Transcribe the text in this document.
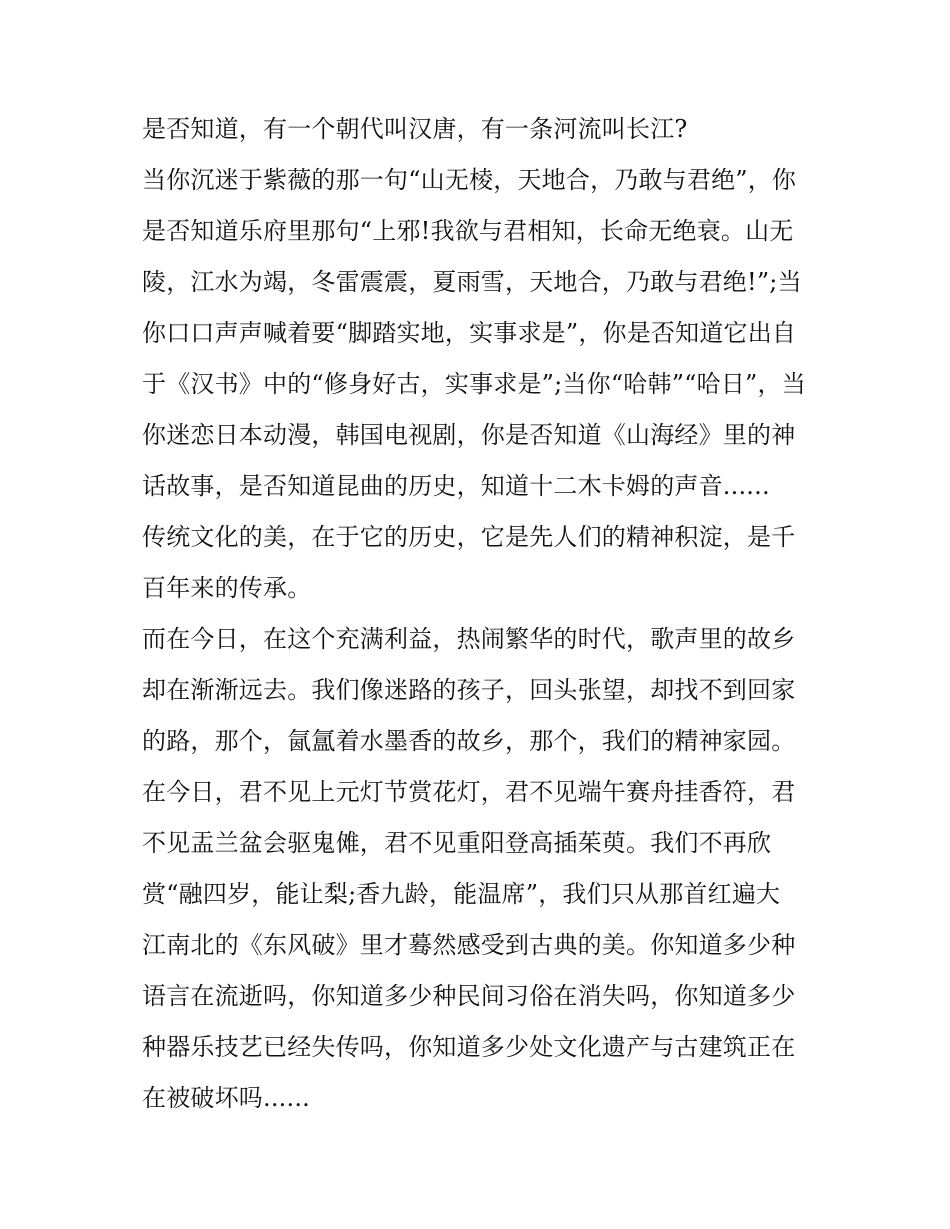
是否知道，有一个朝代叫汉唐，有一条河流叫长江?
当你沉迷于紫薇的那一句“山无棱，天地合，乃敢与君绝”，你
是否知道乐府里那句“上邪!我欲与君相知，长命无绝衰。山无
陵，江水为竭，冬雷震震，夏雨雪，天地合，乃敢与君绝!”;当
你口口声声喊着要“脚踏实地，实事求是”，你是否知道它出自
于《汉书》中的“修身好古，实事求是”;当你“哈韩”“哈日”，当
你迷恋日本动漫，韩国电视剧，你是否知道《山海经》里的神
话故事，是否知道昆曲的历史，知道十二木卡姆的声音......
传统文化的美，在于它的历史，它是先人们的精神积淀，是千
百年来的传承。
而在今日，在这个充满利益，热闹繁华的时代，歌声里的故乡
却在渐渐远去。我们像迷路的孩子，回头张望，却找不到回家
的路，那个，氤氲着水墨香的故乡，那个，我们的精神家园。
在今日，君不见上元灯节赏花灯，君不见端午赛舟挂香符，君
不见盂兰盆会驱鬼傩，君不见重阳登高插茱萸。我们不再欣
赏“融四岁，能让梨;香九龄，能温席”，我们只从那首红遍大
江南北的《东风破》里才蓦然感受到古典的美。你知道多少种
语言在流逝吗，你知道多少种民间习俗在消失吗，你知道多少
种器乐技艺已经失传吗，你知道多少处文化遗产与古建筑正在
在被破坏吗......
